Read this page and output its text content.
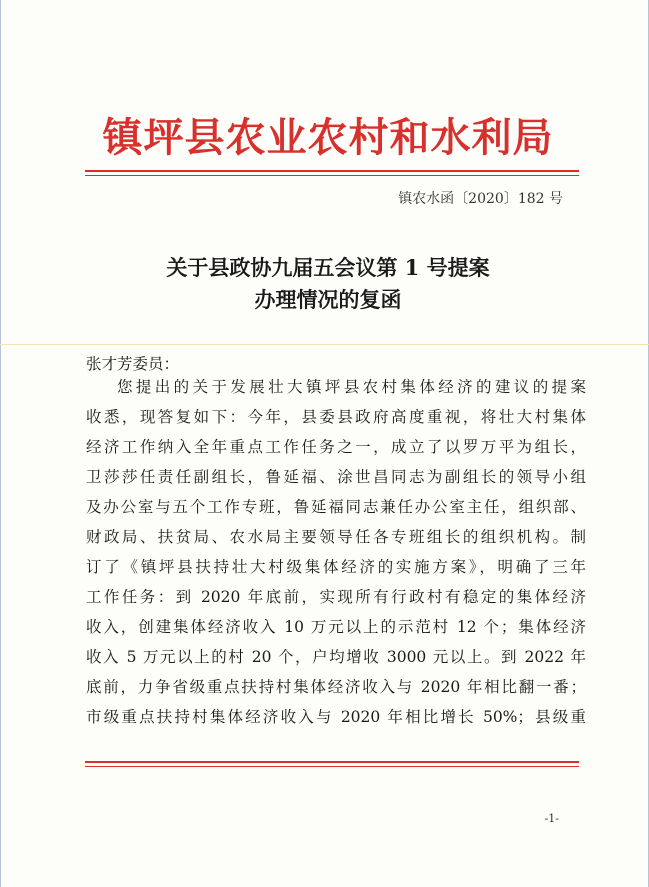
镇坪县农业农村和水利局
镇农水函〔2020〕182 号
关于县政协九届五会议第 1 号提案
办理情况的复函
张才芳委员：
您提出的关于发展壮大镇坪县农村集体经济的建议的提案
收悉，现答复如下：今年，县委县政府高度重视，将壮大村集体
经济工作纳入全年重点工作任务之一，成立了以罗万平为组长，
卫莎莎任责任副组长，鲁延福、涂世昌同志为副组长的领导小组
及办公室与五个工作专班，鲁延福同志兼任办公室主任，组织部、
财政局、扶贫局、农水局主要领导任各专班组长的组织机构。制
订了《镇坪县扶持壮大村级集体经济的实施方案》，明确了三年
工作任务：到 2020 年底前，实现所有行政村有稳定的集体经济
收入，创建集体经济收入 10 万元以上的示范村 12 个；集体经济
收入 5 万元以上的村 20 个，户均增收 3000 元以上。到 2022 年
底前，力争省级重点扶持村集体经济收入与 2020 年相比翻一番；
市级重点扶持村集体经济收入与 2020 年相比增长 50%；县级重
-1-
